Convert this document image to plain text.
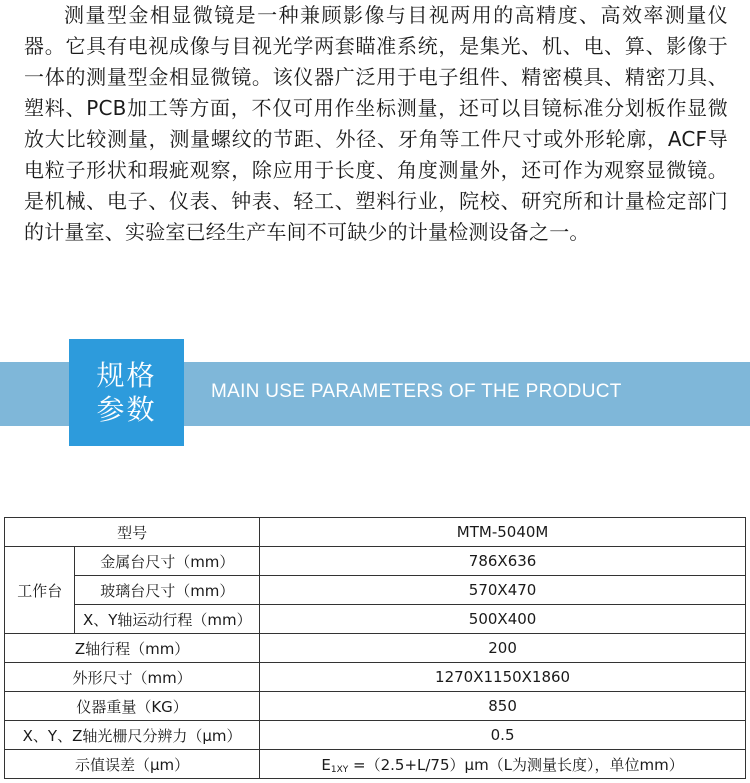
测量型金相显微镜是一种兼顾影像与目视两用的高精度、高效率测量仪器。它具有电视成像与目视光学两套瞄准系统，是集光、机、电、算、影像于一体的测量型金相显微镜。该仪器广泛用于电子组件、精密模具、精密刀具、塑料、PCB加工等方面，不仅可用作坐标测量，还可以目镜标准分划板作显微放大比较测量，测量螺纹的节距、外径、牙角等工件尺寸或外形轮廓，ACF导电粒子形状和瑕疵观察，除应用于长度、角度测量外，还可作为观察显微镜。是机械、电子、仪表、钟表、轻工、塑料行业，院校、研究所和计量检定部门的计量室、实验室已经生产车间不可缺少的计量检测设备之一。

规格
参数
MAIN USE PARAMETERS OF THE PRODUCT
型号		MTM-5040M
工作台	金属台尺寸（mm）	786X636
	玻璃台尺寸（mm）	570X470
	X、Y轴运动行程（mm）	500X400
Z轴行程（mm）		200
外形尺寸（mm）		1270X1150X1860
仪器重量（KG）		850
X、Y、Z轴光栅尺分辨力（μm）		0.5
示值误差（μm）		E1XY =（2.5+L/75）μm（L为测量长度），单位mm）
